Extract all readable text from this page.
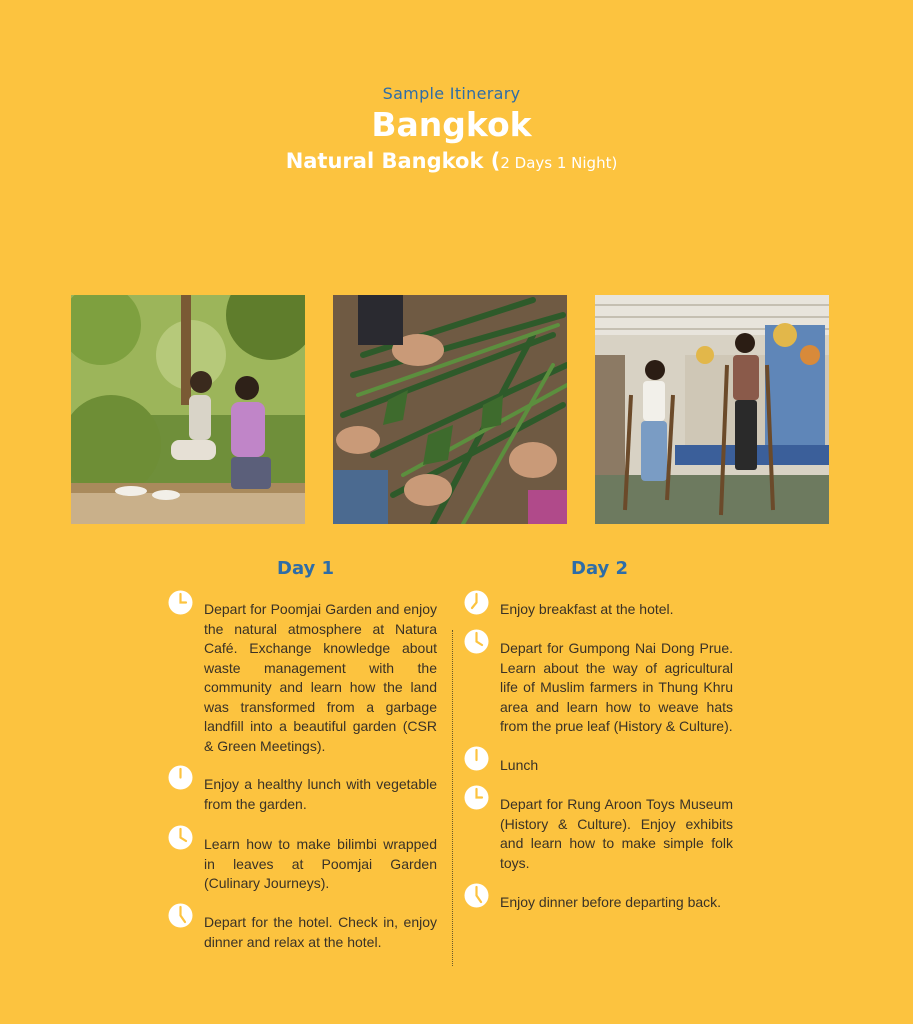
Sample Itinerary
Bangkok
Natural Bangkok (2 Days 1 Night)
Day 1	Day 2
Depart for Poomjai Garden and enjoy the natural atmosphere at Natura Café. Exchange knowledge about waste management with the community and learn how the land was transformed from a garbage landfill into a beautiful garden (CSR & Green Meetings).
Enjoy a healthy lunch with vegetable from the garden.
Learn how to make bilimbi wrapped in leaves at Poomjai Garden (Culinary Journeys).
Depart for the hotel. Check in, enjoy dinner and relax at the hotel.
Enjoy breakfast at the hotel.
Depart for Gumpong Nai Dong Prue. Learn about the way of agricultural life of Muslim farmers in Thung Khru area and learn how to weave hats from the prue leaf (History & Culture).
Lunch
Depart for Rung Aroon Toys Museum (History & Culture). Enjoy exhibits and learn how to make simple folk toys.
Enjoy dinner before departing back.
